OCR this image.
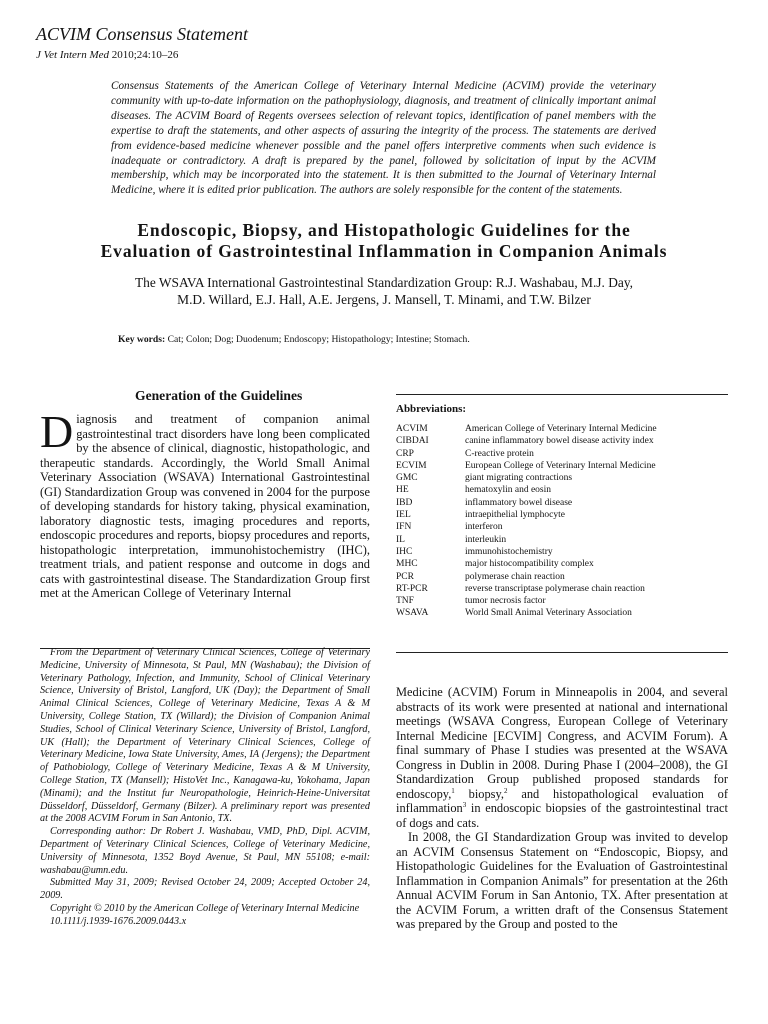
ACVIM Consensus Statement
J Vet Intern Med 2010;24:10–26
Consensus Statements of the American College of Veterinary Internal Medicine (ACVIM) provide the veterinary community with up-to-date information on the pathophysiology, diagnosis, and treatment of clinically important animal diseases. The ACVIM Board of Regents oversees selection of relevant topics, identification of panel members with the expertise to draft the statements, and other aspects of assuring the integrity of the process. The statements are derived from evidence-based medicine whenever possible and the panel offers interpretive comments when such evidence is inadequate or contradictory. A draft is prepared by the panel, followed by solicitation of input by the ACVIM membership, which may be incorporated into the statement. It is then submitted to the Journal of Veterinary Internal Medicine, where it is edited prior publication. The authors are solely responsible for the content of the statements.
Endoscopic, Biopsy, and Histopathologic Guidelines for the
Evaluation of Gastrointestinal Inflammation in Companion Animals
The WSAVA International Gastrointestinal Standardization Group: R.J. Washabau, M.J. Day,
M.D. Willard, E.J. Hall, A.E. Jergens, J. Mansell, T. Minami, and T.W. Bilzer
Key words: Cat; Colon; Dog; Duodenum; Endoscopy; Histopathology; Intestine; Stomach.
Generation of the Guidelines
Diagnosis and treatment of companion animal gastrointestinal tract disorders have long been complicated by the absence of clinical, diagnostic, histopathologic, and therapeutic standards. Accordingly, the World Small Animal Veterinary Association (WSAVA) International Gastrointestinal (GI) Standardization Group was convened in 2004 for the purpose of developing standards for history taking, physical examination, laboratory diagnostic tests, imaging procedures and reports, endoscopic procedures and reports, biopsy procedures and reports, histopathologic interpretation, immunohistochemistry (IHC), treatment trials, and patient response and outcome in dogs and cats with gastrointestinal disease. The Standardization Group first met at the American College of Veterinary Internal

From the Department of Veterinary Clinical Sciences, College of Veterinary Medicine, University of Minnesota, St Paul, MN (Washabau); the Division of Veterinary Pathology, Infection, and Immunity, School of Clinical Veterinary Science, University of Bristol, Langford, UK (Day); the Department of Small Animal Clinical Sciences, College of Veterinary Medicine, Texas A & M University, College Station, TX (Willard); the Division of Companion Animal Studies, School of Clinical Veterinary Science, University of Bristol, Langford, UK (Hall); the Department of Veterinary Clinical Sciences, College of Veterinary Medicine, Iowa State University, Ames, IA (Jergens); the Department of Pathobiology, College of Veterinary Medicine, Texas A & M University, College Station, TX (Mansell); HistoVet Inc., Kanagawa-ku, Yokohama, Japan (Minami); and the Institut fur Neuropathologie, Heinrich-Heine-Universitat Düsseldorf, Düsseldorf, Germany (Bilzer). A preliminary report was presented at the 2008 ACVIM Forum in San Antonio, TX.

Corresponding author: Dr Robert J. Washabau, VMD, PhD, Dipl. ACVIM, Department of Veterinary Clinical Sciences, College of Veterinary Medicine, University of Minnesota, 1352 Boyd Avenue, St Paul, MN 55108; e-mail: washabau@umn.edu.

Submitted May 31, 2009; Revised October 24, 2009; Accepted October 24, 2009.

Copyright © 2010 by the American College of Veterinary Internal Medicine

10.1111/j.1939-1676.2009.0443.x

Abbreviations:
ACVIM	American College of Veterinary Internal Medicine
CIBDAI	canine inflammatory bowel disease activity index
CRP	C-reactive protein
ECVIM	European College of Veterinary Internal Medicine
GMC	giant migrating contractions
HE	hematoxylin and eosin
IBD	inflammatory bowel disease
IEL	intraepithelial lymphocyte
IFN	interferon
IL	interleukin
IHC	immunohistochemistry
MHC	major histocompatibility complex
PCR	polymerase chain reaction
RT-PCR	reverse transcriptase polymerase chain reaction
TNF	tumor necrosis factor
WSAVA	World Small Animal Veterinary Association

Medicine (ACVIM) Forum in Minneapolis in 2004, and several abstracts of its work were presented at national and international meetings (WSAVA Congress, European College of Veterinary Internal Medicine [ECVIM] Congress, and ACVIM Forum). A final summary of Phase I studies was presented at the WSAVA Congress in Dublin in 2008. During Phase I (2004–2008), the GI Standardization Group published proposed standards for endoscopy,$^1$ biopsy,$^2$ and histopathological evaluation of inflammation$^3$ in endoscopic biopsies of the gastrointestinal tract of dogs and cats.

In 2008, the GI Standardization Group was invited to develop an ACVIM Consensus Statement on “Endoscopic, Biopsy, and Histopathologic Guidelines for the Evaluation of Gastrointestinal Inflammation in Companion Animals” for presentation at the 26th Annual ACVIM Forum in San Antonio, TX. After presentation at the ACVIM Forum, a written draft of the Consensus Statement was prepared by the Group and posted to the
